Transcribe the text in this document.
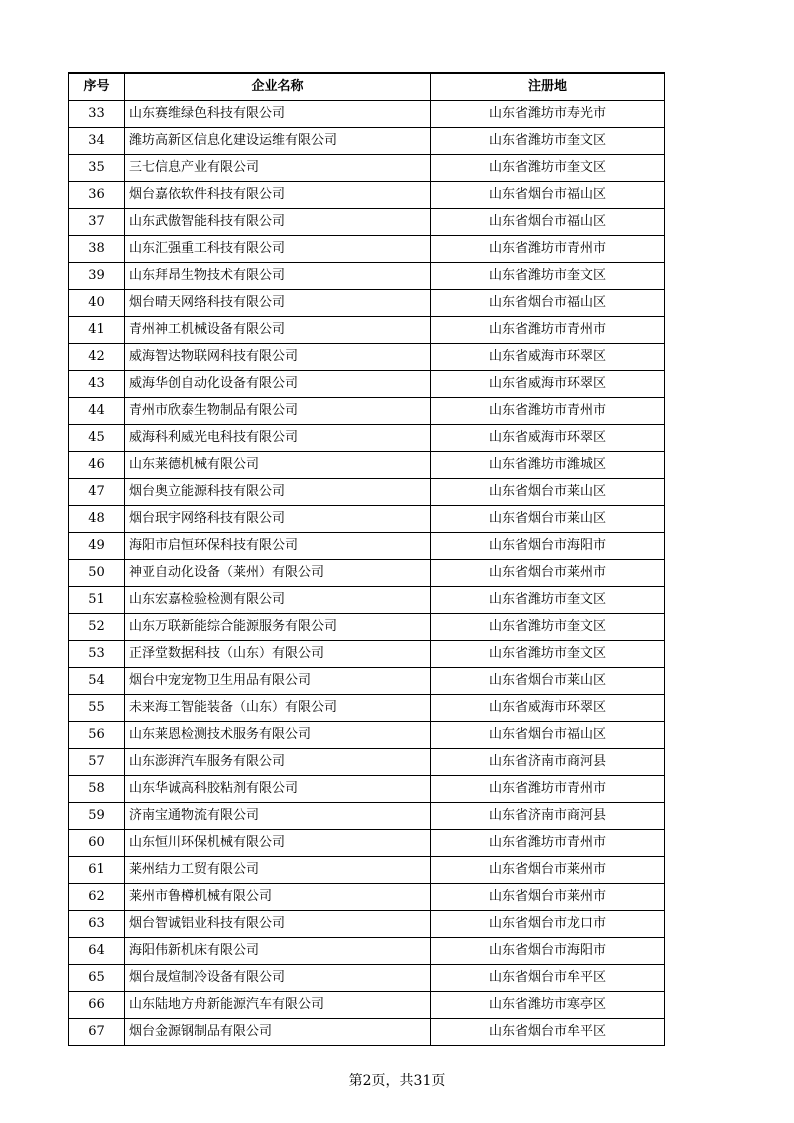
序号	企业名称	注册地
33	山东赛维绿色科技有限公司	山东省潍坊市寿光市
34	潍坊高新区信息化建设运维有限公司	山东省潍坊市奎文区
35	三七信息产业有限公司	山东省潍坊市奎文区
36	烟台嘉依软件科技有限公司	山东省烟台市福山区
37	山东武傲智能科技有限公司	山东省烟台市福山区
38	山东汇强重工科技有限公司	山东省潍坊市青州市
39	山东拜昂生物技术有限公司	山东省潍坊市奎文区
40	烟台晴天网络科技有限公司	山东省烟台市福山区
41	青州神工机械设备有限公司	山东省潍坊市青州市
42	威海智达物联网科技有限公司	山东省威海市环翠区
43	威海华创自动化设备有限公司	山东省威海市环翠区
44	青州市欣泰生物制品有限公司	山东省潍坊市青州市
45	威海科利威光电科技有限公司	山东省威海市环翠区
46	山东莱德机械有限公司	山东省潍坊市潍城区
47	烟台奥立能源科技有限公司	山东省烟台市莱山区
48	烟台珉宇网络科技有限公司	山东省烟台市莱山区
49	海阳市启恒环保科技有限公司	山东省烟台市海阳市
50	神亚自动化设备（莱州）有限公司	山东省烟台市莱州市
51	山东宏嘉检验检测有限公司	山东省潍坊市奎文区
52	山东万联新能综合能源服务有限公司	山东省潍坊市奎文区
53	正泽堂数据科技（山东）有限公司	山东省潍坊市奎文区
54	烟台中宠宠物卫生用品有限公司	山东省烟台市莱山区
55	未来海工智能装备（山东）有限公司	山东省威海市环翠区
56	山东莱恩检测技术服务有限公司	山东省烟台市福山区
57	山东澎湃汽车服务有限公司	山东省济南市商河县
58	山东华诚高科胶粘剂有限公司	山东省潍坊市青州市
59	济南宝通物流有限公司	山东省济南市商河县
60	山东恒川环保机械有限公司	山东省潍坊市青州市
61	莱州结力工贸有限公司	山东省烟台市莱州市
62	莱州市鲁樽机械有限公司	山东省烟台市莱州市
63	烟台智诚铝业科技有限公司	山东省烟台市龙口市
64	海阳伟新机床有限公司	山东省烟台市海阳市
65	烟台晟煊制冷设备有限公司	山东省烟台市牟平区
66	山东陆地方舟新能源汽车有限公司	山东省潍坊市寒亭区
67	烟台金源钢制品有限公司	山东省烟台市牟平区
第2页，共31页
